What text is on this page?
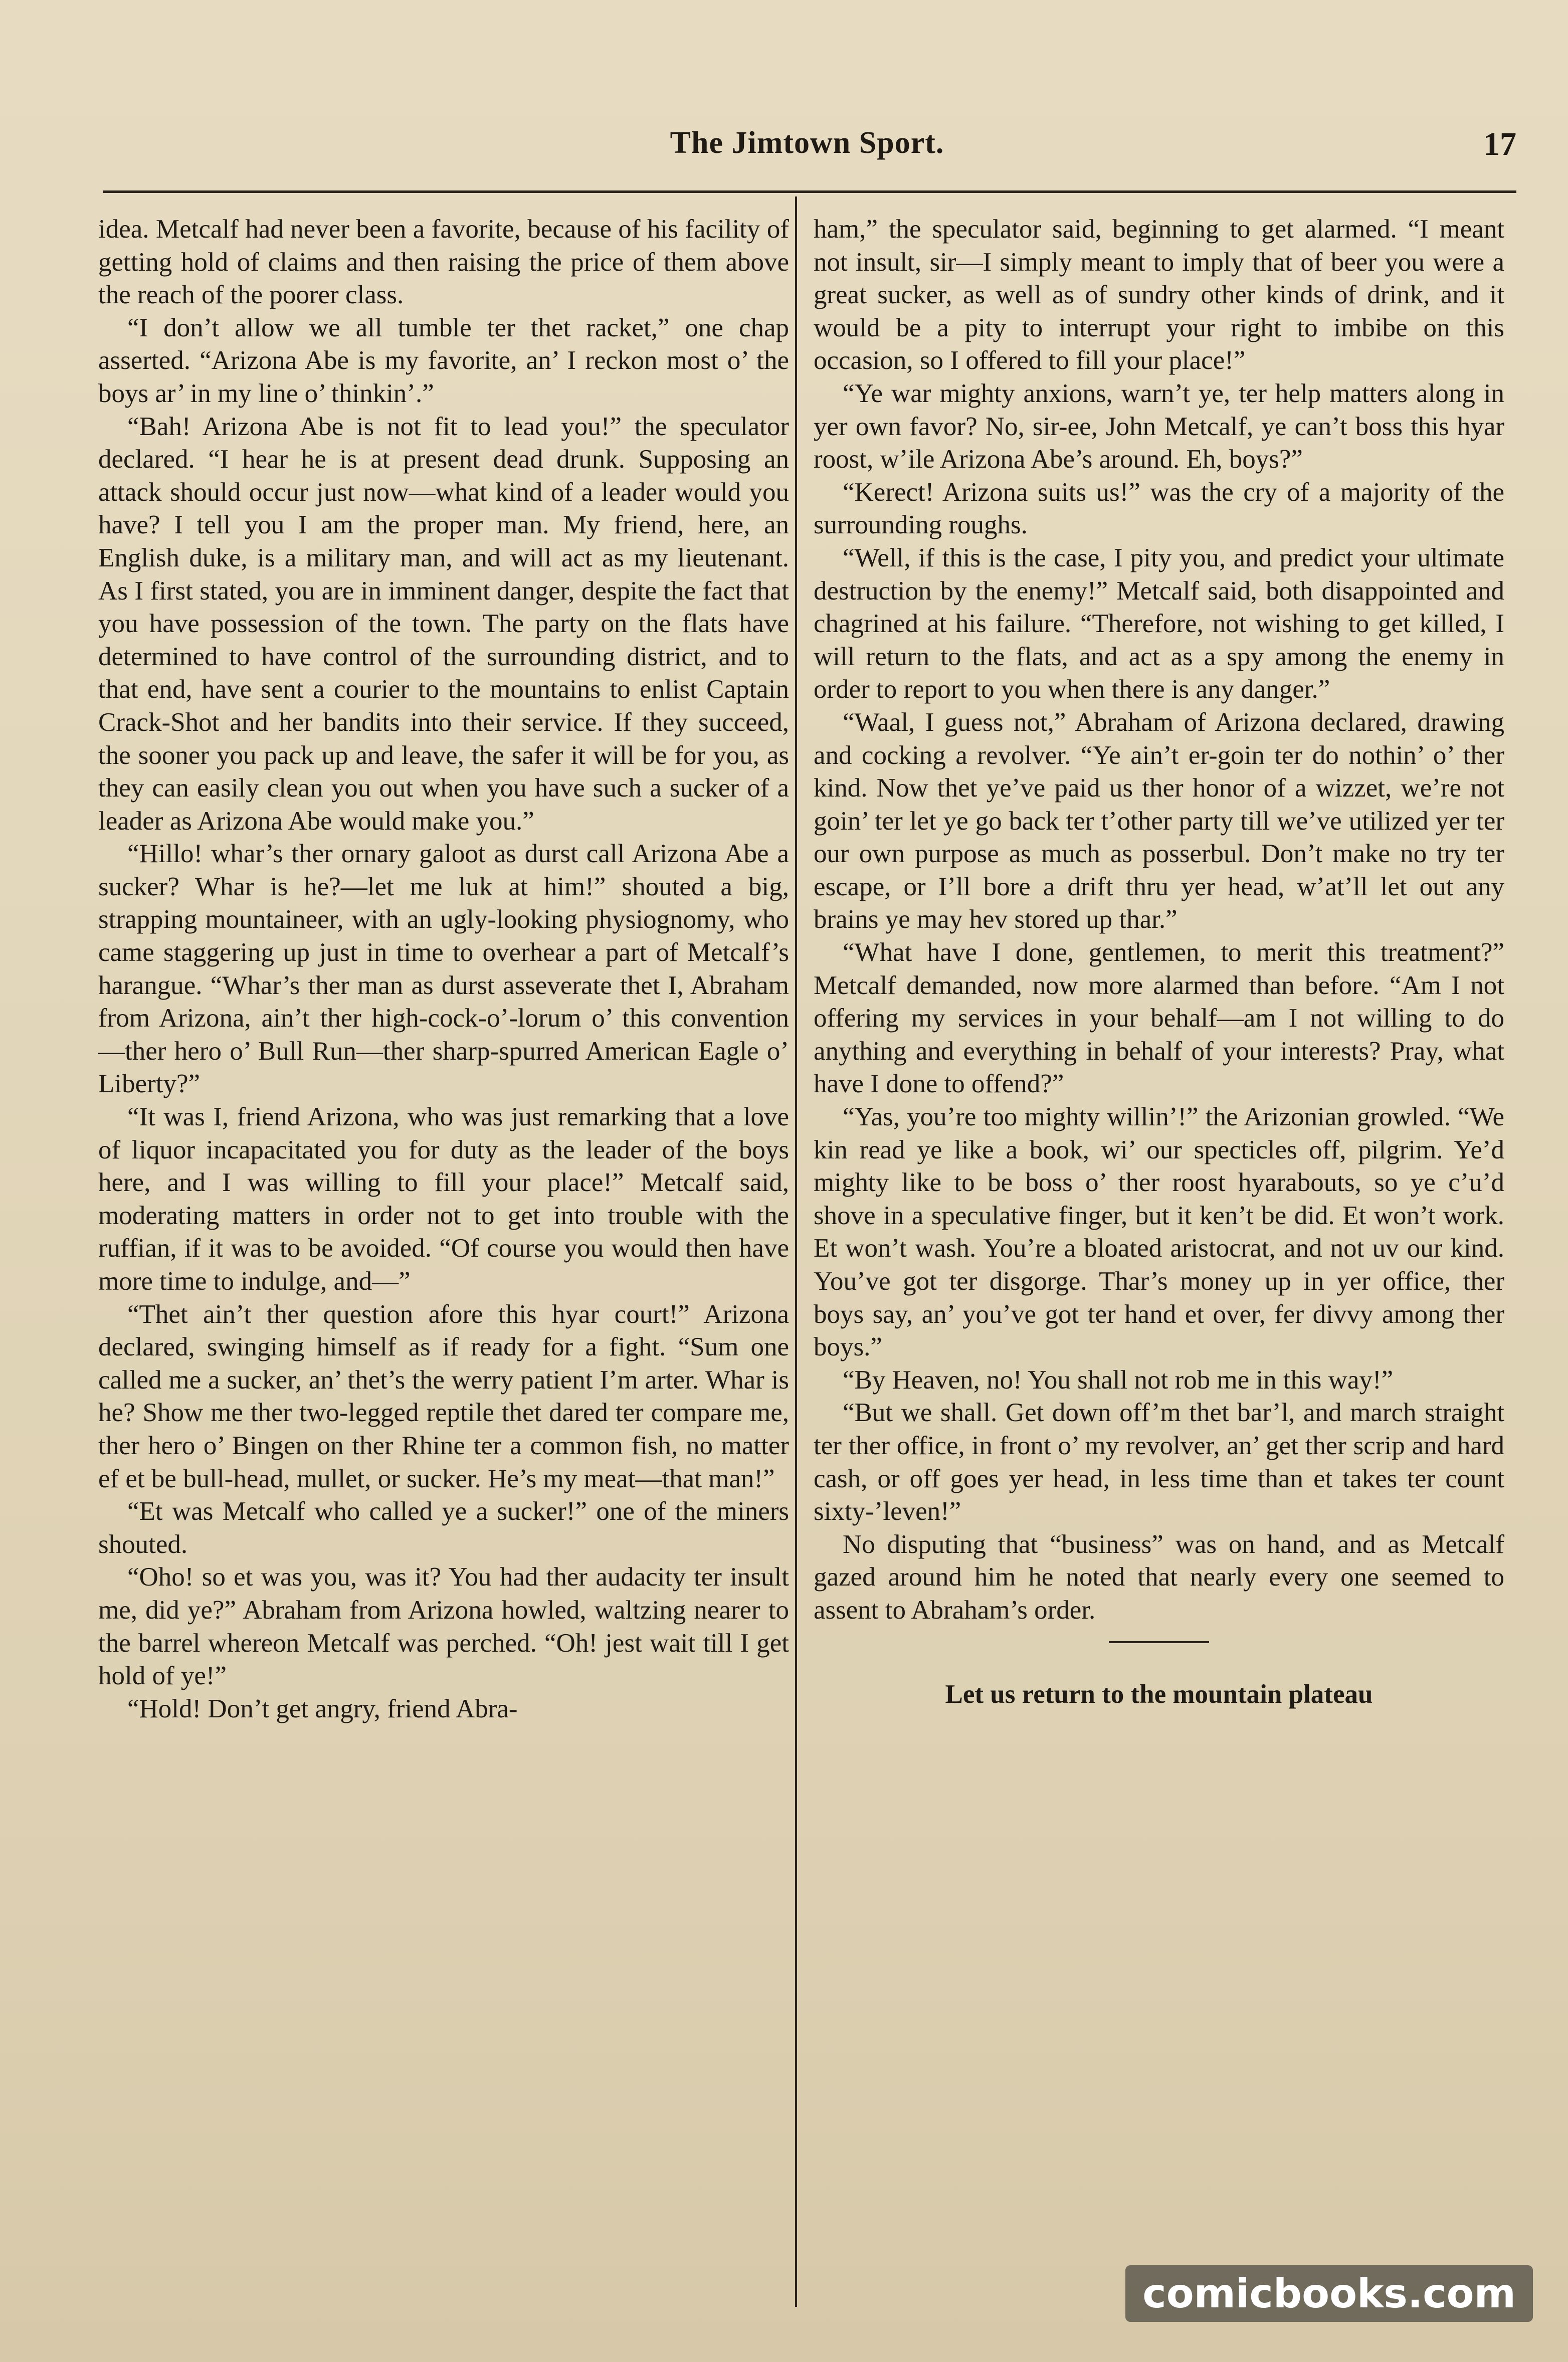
The Jimtown Sport.	17

idea. Metcalf had never been a favorite, because of his facility of getting hold of claims and then raising the price of them above the reach of the poorer class.

“I don’t allow we all tumble ter thet racket,” one chap asserted. “Arizona Abe is my favorite, an’ I reckon most o’ the boys ar’ in my line o’ thinkin’.”

“Bah! Arizona Abe is not fit to lead you!” the speculator declared. “I hear he is at present dead drunk. Supposing an attack should occur just now—what kind of a leader would you have? I tell you I am the proper man. My friend, here, an English duke, is a military man, and will act as my lieutenant. As I first stated, you are in imminent danger, despite the fact that you have possession of the town. The party on the flats have determined to have control of the surrounding district, and to that end, have sent a courier to the mountains to enlist Captain Crack-Shot and her bandits into their service. If they succeed, the sooner you pack up and leave, the safer it will be for you, as they can easily clean you out when you have such a sucker of a leader as Arizona Abe would make you.”

“Hillo! whar’s ther ornary galoot as durst call Arizona Abe a sucker? Whar is he?—let me luk at him!” shouted a big, strapping mountaineer, with an ugly-looking physiognomy, who came staggering up just in time to overhear a part of Metcalf’s harangue. “Whar’s ther man as durst asseverate thet I, Abraham from Arizona, ain’t ther high-cock-o’-lorum o’ this convention—ther hero o’ Bull Run—ther sharp-spurred American Eagle o’ Liberty?”

“It was I, friend Arizona, who was just remarking that a love of liquor incapacitated you for duty as the leader of the boys here, and I was willing to fill your place!” Metcalf said, moderating matters in order not to get into trouble with the ruffian, if it was to be avoided. “Of course you would then have more time to indulge, and—”

“Thet ain’t ther question afore this hyar court!” Arizona declared, swinging himself as if ready for a fight. “Sum one called me a sucker, an’ thet’s the werry patient I’m arter. Whar is he? Show me ther two-legged reptile thet dared ter compare me, ther hero o’ Bingen on ther Rhine ter a common fish, no matter ef et be bull-head, mullet, or sucker. He’s my meat—that man!”

“Et was Metcalf who called ye a sucker!” one of the miners shouted.

“Oho! so et was you, was it? You had ther audacity ter insult me, did ye?” Abraham from Arizona howled, waltzing nearer to the barrel whereon Metcalf was perched. “Oh! jest wait till I get hold of ye!”

“Hold! Don’t get angry, friend Abra-

ham,” the speculator said, beginning to get alarmed. “I meant not insult, sir—I simply meant to imply that of beer you were a great sucker, as well as of sundry other kinds of drink, and it would be a pity to interrupt your right to imbibe on this occasion, so I offered to fill your place!”

“Ye war mighty anxions, warn’t ye, ter help matters along in yer own favor? No, sir-ee, John Metcalf, ye can’t boss this hyar roost, w’ile Arizona Abe’s around. Eh, boys?”

“Kerect! Arizona suits us!” was the cry of a majority of the surrounding roughs.

“Well, if this is the case, I pity you, and predict your ultimate destruction by the enemy!” Metcalf said, both disappointed and chagrined at his failure. “Therefore, not wishing to get killed, I will return to the flats, and act as a spy among the enemy in order to report to you when there is any danger.”

“Waal, I guess not,” Abraham of Arizona declared, drawing and cocking a revolver. “Ye ain’t er-goin ter do nothin’ o’ ther kind. Now thet ye’ve paid us ther honor of a wizzet, we’re not goin’ ter let ye go back ter t’other party till we’ve utilized yer ter our own purpose as much as posserbul. Don’t make no try ter escape, or I’ll bore a drift thru yer head, w’at’ll let out any brains ye may hev stored up thar.”

“What have I done, gentlemen, to merit this treatment?” Metcalf demanded, now more alarmed than before. “Am I not offering my services in your behalf—am I not willing to do anything and everything in behalf of your interests? Pray, what have I done to offend?”

“Yas, you’re too mighty willin’!” the Arizonian growled. “We kin read ye like a book, wi’ our specticles off, pilgrim. Ye’d mighty like to be boss o’ ther roost hyarabouts, so ye c’u’d shove in a speculative finger, but it ken’t be did. Et won’t work. Et won’t wash. You’re a bloated aristocrat, and not uv our kind. You’ve got ter disgorge. Thar’s money up in yer office, ther boys say, an’ you’ve got ter hand et over, fer divvy among ther boys.”

“By Heaven, no! You shall not rob me in this way!”

“But we shall. Get down off’m thet bar’l, and march straight ter ther office, in front o’ my revolver, an’ get ther scrip and hard cash, or off goes yer head, in less time than et takes ter count sixty-’leven!”

No disputing that “business” was on hand, and as Metcalf gazed around him he noted that nearly every one seemed to assent to Abraham’s order.

Let us return to the mountain plateau

comicbooks.com
